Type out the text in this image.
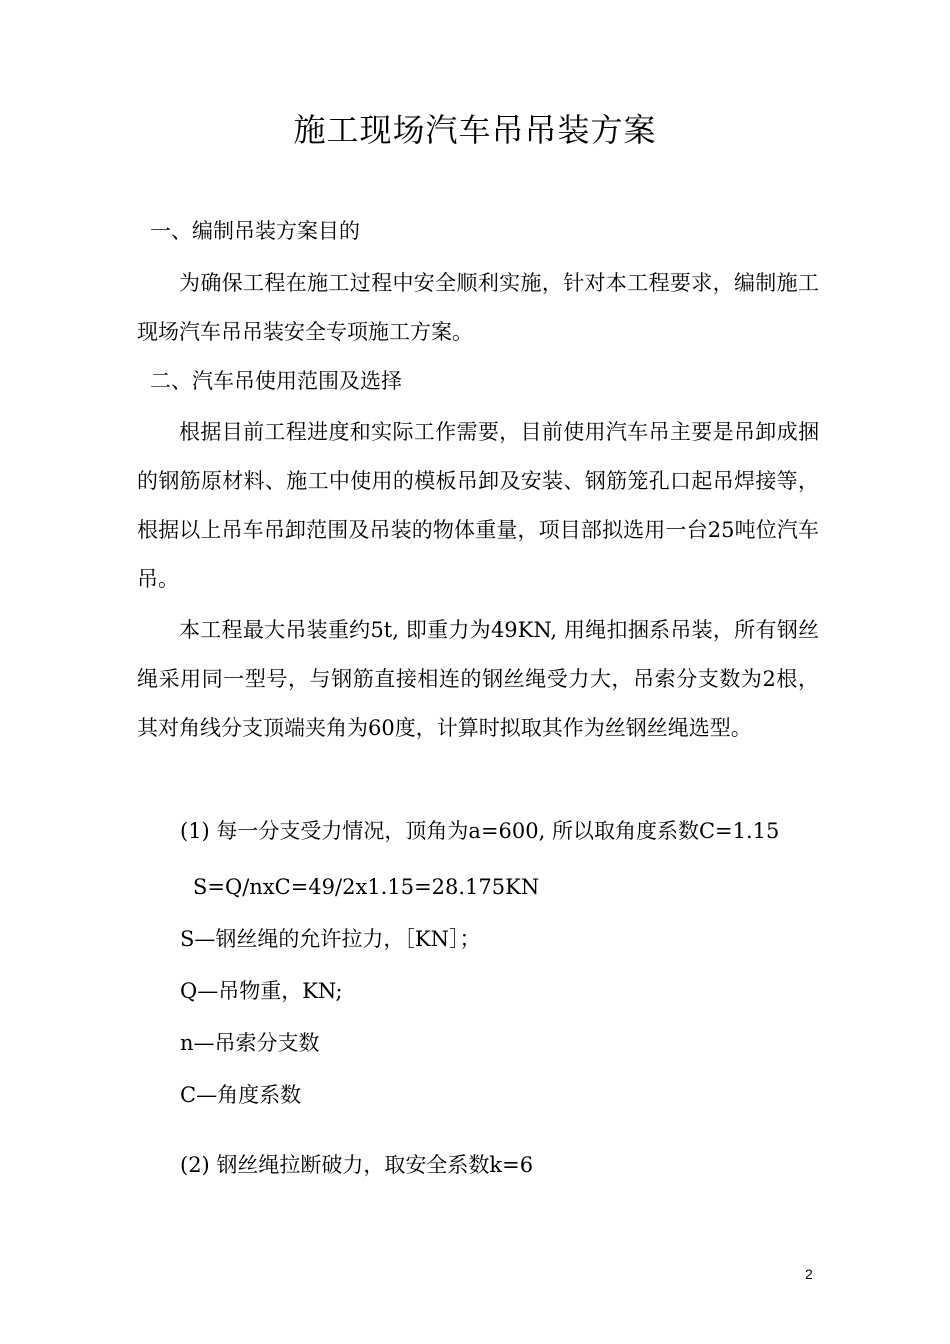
施工现场汽车吊吊装方案
一、编制吊装方案目的
为确保工程在施工过程中安全顺利实施，针对本工程要求，编制施工现场汽车吊吊装安全专项施工方案。
二、汽车吊使用范围及选择
根据目前工程进度和实际工作需要，目前使用汽车吊主要是吊卸成捆的钢筋原材料、施工中使用的模板吊卸及安装、钢筋笼孔口起吊焊接等，根据以上吊车吊卸范围及吊装的物体重量，项目部拟选用一台25吨位汽车吊。
本工程最大吊装重约5t, 即重力为49KN, 用绳扣捆系吊装，所有钢丝绳采用同一型号，与钢筋直接相连的钢丝绳受力大，吊索分支数为2根，其对角线分支顶端夹角为60度，计算时拟取其作为丝钢丝绳选型。
(1) 每一分支受力情况，顶角为a=600, 所以取角度系数C=1.15
S=Q/nxC=49/2x1.15=28.175KN
S—钢丝绳的允许拉力，［KN］；
Q—吊物重，KN;
n—吊索分支数
C—角度系数
(2) 钢丝绳拉断破力，取安全系数k=6
2
